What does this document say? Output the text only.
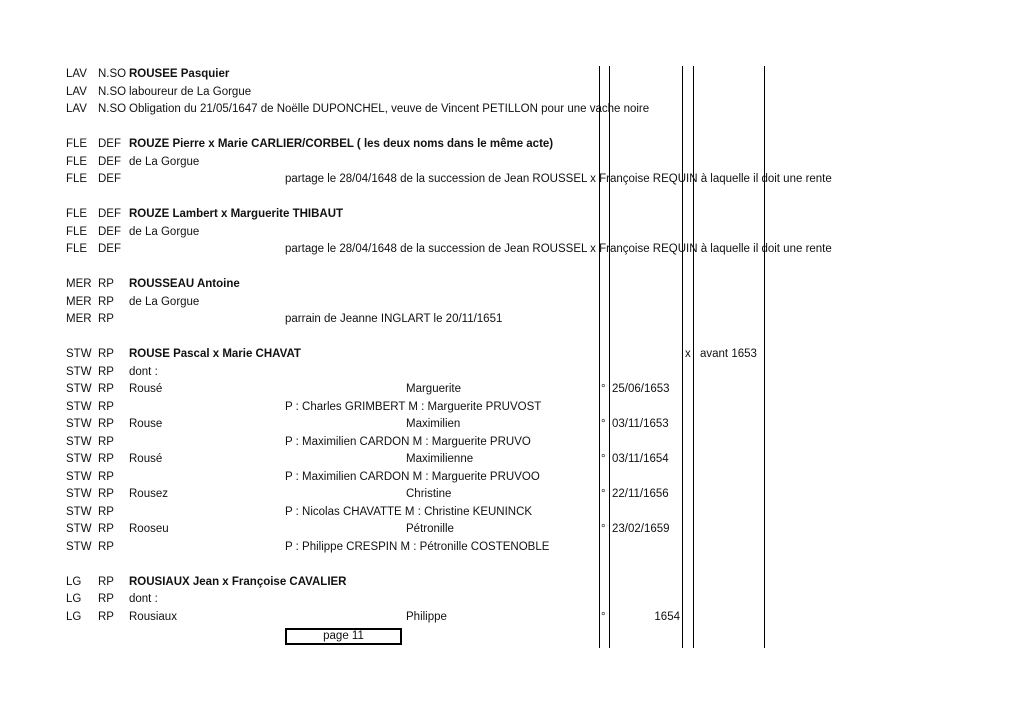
LAV N.SO ROUSEE Pasquier
LAV N.SO laboureur de La Gorgue
LAV N.SO Obligation du 21/05/1647 de Noëlle DUPONCHEL, veuve de Vincent PETILLON pour une vache noire
FLE DEF ROUZE Pierre x Marie CARLIER/CORBEL ( les deux noms dans le même acte)
FLE DEF de La Gorgue
FLE DEF	partage le 28/04/1648 de la succession de Jean ROUSSEL x Françoise REQUIN à laquelle il doit une rente
FLE DEF ROUZE Lambert x Marguerite THIBAUT
FLE DEF de La Gorgue
FLE DEF	partage le 28/04/1648 de la succession de Jean ROUSSEL x Françoise REQUIN à laquelle il doit une rente
MER RP ROUSSEAU Antoine
MER RP de La Gorgue
MER RP	parrain de Jeanne INGLART le 20/11/1651
STW RP ROUSE Pascal x Marie CHAVAT	x avant 1653
STW RP dont :
STW RP Rousé	Marguerite	° 25/06/1653
STW RP	P : Charles GRIMBERT M : Marguerite PRUVOST
STW RP Rouse	Maximilien	° 03/11/1653
STW RP	P : Maximilien CARDON M : Marguerite PRUVO
STW RP Rousé	Maximilienne	° 03/11/1654
STW RP	P : Maximilien CARDON M : Marguerite PRUVOO
STW RP Rousez	Christine	° 22/11/1656
STW RP	P : Nicolas CHAVATTE M : Christine KEUNINCK
STW RP Rooseu	Pétronille	° 23/02/1659
STW RP	P : Philippe CRESPIN M : Pétronille COSTENOBLE
LG RP ROUSIAUX Jean x Françoise CAVALIER
LG RP dont :
LG RP Rousiaux	Philippe	°	1654
page 11
